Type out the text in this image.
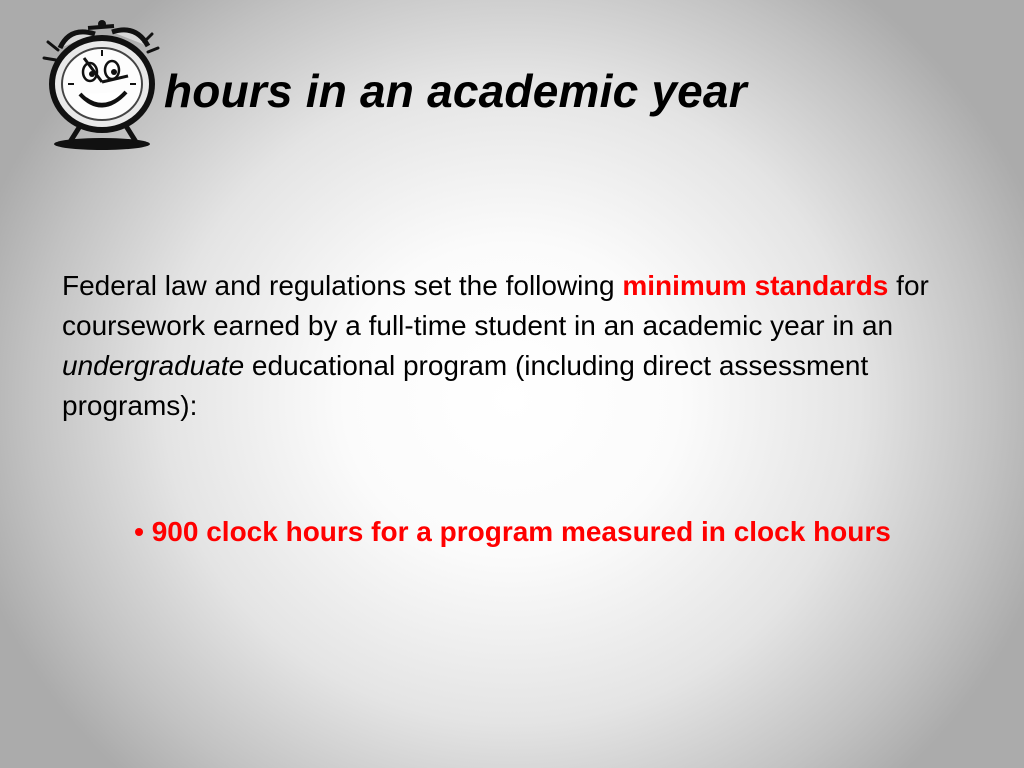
hours in an academic year

Federal law and regulations set the following minimum standards for coursework earned by a full-time student in an academic year in an undergraduate educational program (including direct assessment programs):

• 900 clock hours for a program measured in clock hours
